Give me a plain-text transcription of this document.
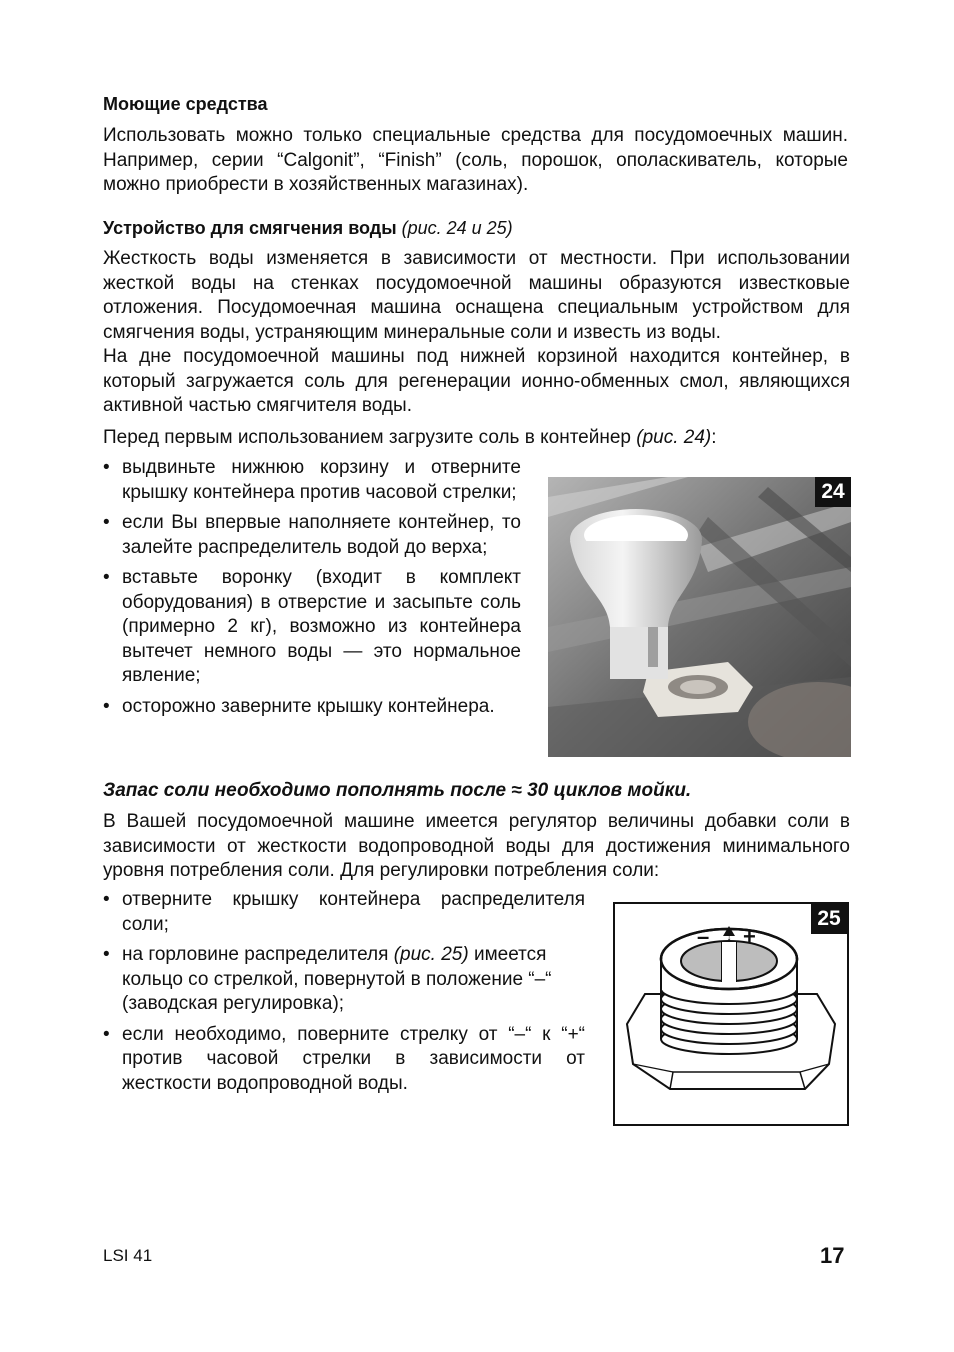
Моющие средства
Использовать можно только специальные средства для посудомоечных машин. Например, серии “Calgonit”, “Finish” (соль, порошок, ополаскиватель, которые можно приобрести в хозяйственных магазинах).
Устройство для смягчения воды (рис. 24 и 25)
Жесткость воды изменяется в зависимости от местности. При использовании жесткой воды на стенках посудомоечной машины образуются известковые отложения. Посудомоечная машина оснащена специальным устройством для смягчения воды, устраняющим минеральные соли и известь из воды.
На дне посудомоечной машины под нижней корзиной находится контейнер, в который загружается соль для регенерации ионно-обменных смол, являющихся активной частью смягчителя воды.
Перед первым использованием загрузите соль в контейнер (рис. 24):
• выдвиньте нижнюю корзину и отверните крышку контейнера против часовой стрелки;
• если Вы впервые наполняете контейнер, то залейте распределитель водой до верха;
• вставьте воронку (входит в комплект оборудования) в отверстие и засыпьте соль (примерно 2 кг), возможно из контейнера вытечет немного воды — это нормальное явление;
• осторожно заверните крышку контейнера.
24
Запас соли необходимо пополнять после ≈ 30 циклов мойки.
В Вашей посудомоечной машине имеется регулятор величины добавки соли в зависимости от жесткости водопроводной воды для достижения минимального уровня потребления соли. Для регулировки потребления соли:
• отверните крышку контейнера распределителя соли;
• на горловине распределителя (рис. 25) имеется кольцо со стрелкой, повернутой в положение “–“ (заводская регулировка);
• если необходимо, поверните стрелку от “–“ к “+“ против часовой стрелки в зависимости от жесткости водопроводной воды.
↓
– +
25
LSI 41	17
